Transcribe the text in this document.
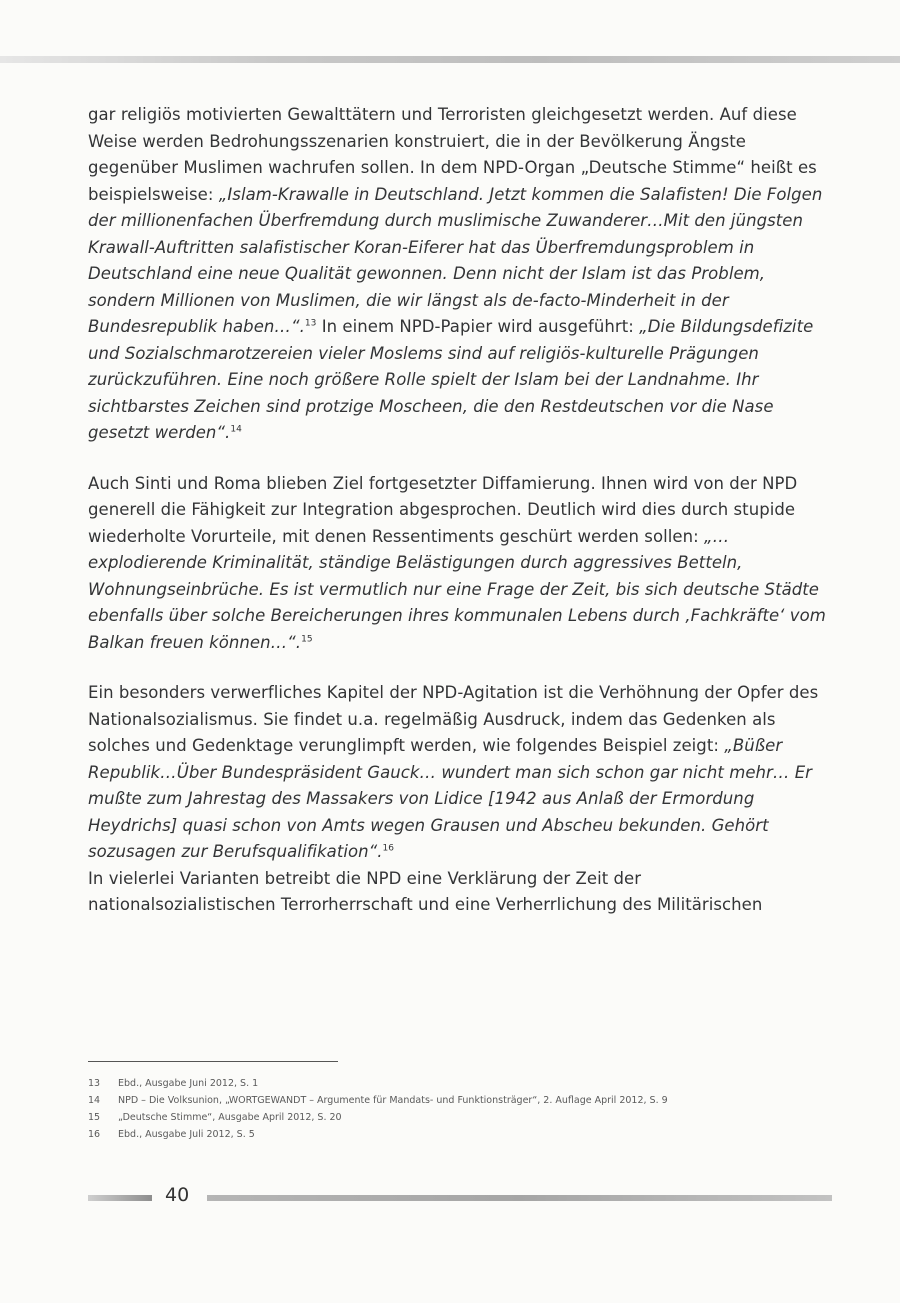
gar religiös motivierten Gewalttätern und Terroristen gleichgesetzt werden. Auf diese Weise werden Bedrohungsszenarien konstruiert, die in der Bevölkerung Ängste gegenüber Muslimen wachrufen sollen. In dem NPD-Organ „Deutsche Stimme“ heißt es beispielsweise: „Islam-Krawalle in Deutschland. Jetzt kommen die Salafisten! Die Folgen der millionenfachen Überfremdung durch muslimische Zuwanderer…Mit den jüngsten Krawall-Auftritten salafistischer Koran-Eiferer hat das Überfremdungsproblem in Deutschland eine neue Qualität gewonnen. Denn nicht der Islam ist das Problem, sondern Millionen von Muslimen, die wir längst als de-facto-Minderheit in der Bundesrepublik haben…“.$^{13}$ In einem NPD-Papier wird ausgeführt: „Die Bildungsdefizite und Sozialschmarotzereien vieler Moslems sind auf religiös-kulturelle Prägungen zurückzuführen. Eine noch größere Rolle spielt der Islam bei der Landnahme. Ihr sichtbarstes Zeichen sind protzige Moscheen, die den Restdeutschen vor die Nase gesetzt werden“.$^{14}$

Auch Sinti und Roma blieben Ziel fortgesetzter Diffamierung. Ihnen wird von der NPD generell die Fähigkeit zur Integration abgesprochen. Deutlich wird dies durch stupide wiederholte Vorurteile, mit denen Ressentiments geschürt werden sollen: „…explodierende Kriminalität, ständige Belästigungen durch aggressives Betteln, Wohnungseinbrüche. Es ist vermutlich nur eine Frage der Zeit, bis sich deutsche Städte ebenfalls über solche Bereicherungen ihres kommunalen Lebens durch ‚Fachkräfte‘ vom Balkan freuen können…“.$^{15}$

Ein besonders verwerfliches Kapitel der NPD-Agitation ist die Verhöhnung der Opfer des Nationalsozialismus. Sie findet u.a. regelmäßig Ausdruck, indem das Gedenken als solches und Gedenktage verunglimpft werden, wie folgendes Beispiel zeigt: „Büßer Republik…Über Bundespräsident Gauck… wundert man sich schon gar nicht mehr… Er mußte zum Jahrestag des Massakers von Lidice [1942 aus Anlaß der Ermordung Heydrichs] quasi schon von Amts wegen Grausen und Abscheu bekunden. Gehört sozusagen zur Berufsqualifikation“.$^{16}$

In vielerlei Varianten betreibt die NPD eine Verklärung der Zeit der nationalsozialistischen Terrorherrschaft und eine Verherrlichung des Militärischen

13	Ebd., Ausgabe Juni 2012, S. 1
14	NPD – Die Volksunion, „WORTGEWANDT – Argumente für Mandats- und Funktionsträger“, 2. Auflage April 2012, S. 9
15	„Deutsche Stimme“, Ausgabe April 2012, S. 20
16	Ebd., Ausgabe Juli 2012, S. 5
40
